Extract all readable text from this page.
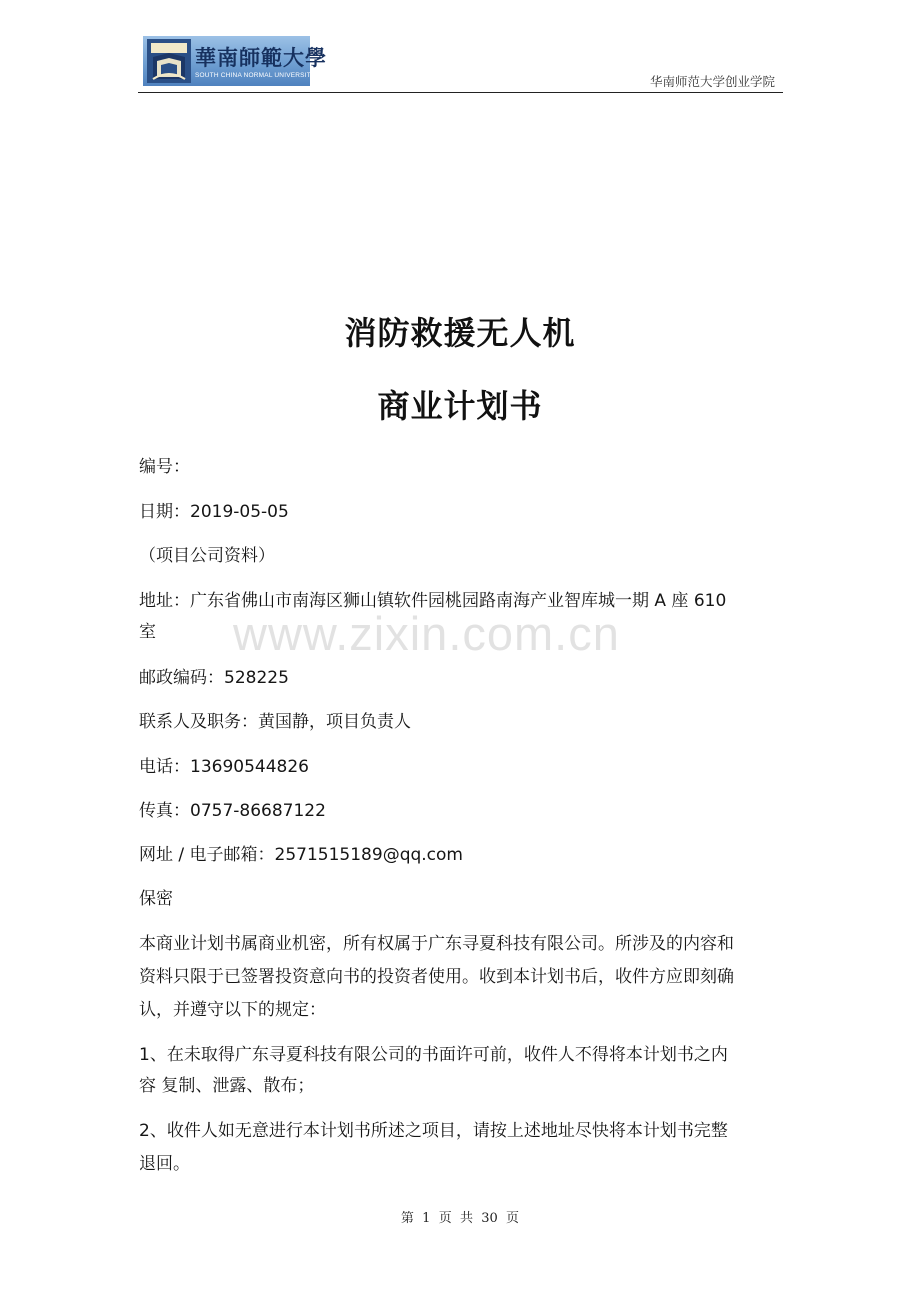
華南師範大學
SOUTH CHINA NORMAL UNIVERSITY	华南师范大学创业学院
消防救援无人机
商业计划书
编号：
日期：2019-05-05
（项目公司资料）
地址：广东省佛山市南海区狮山镇软件园桃园路南海产业智库城一期 A 座 610
室
邮政编码：528225
联系人及职务：黄国静，项目负责人
电话：13690544826
传真：0757-86687122
网址 / 电子邮箱：2571515189@qq.com
保密
本商业计划书属商业机密，所有权属于广东寻夏科技有限公司。所涉及的内容和
资料只限于已签署投资意向书的投资者使用。收到本计划书后，收件方应即刻确
认，并遵守以下的规定：
1、在未取得广东寻夏科技有限公司的书面许可前，收件人不得将本计划书之内
容 复制、泄露、散布；
2、收件人如无意进行本计划书所述之项目，请按上述地址尽快将本计划书完整
退回。
www.zixin.com.cn
第  1  页  共  30  页
